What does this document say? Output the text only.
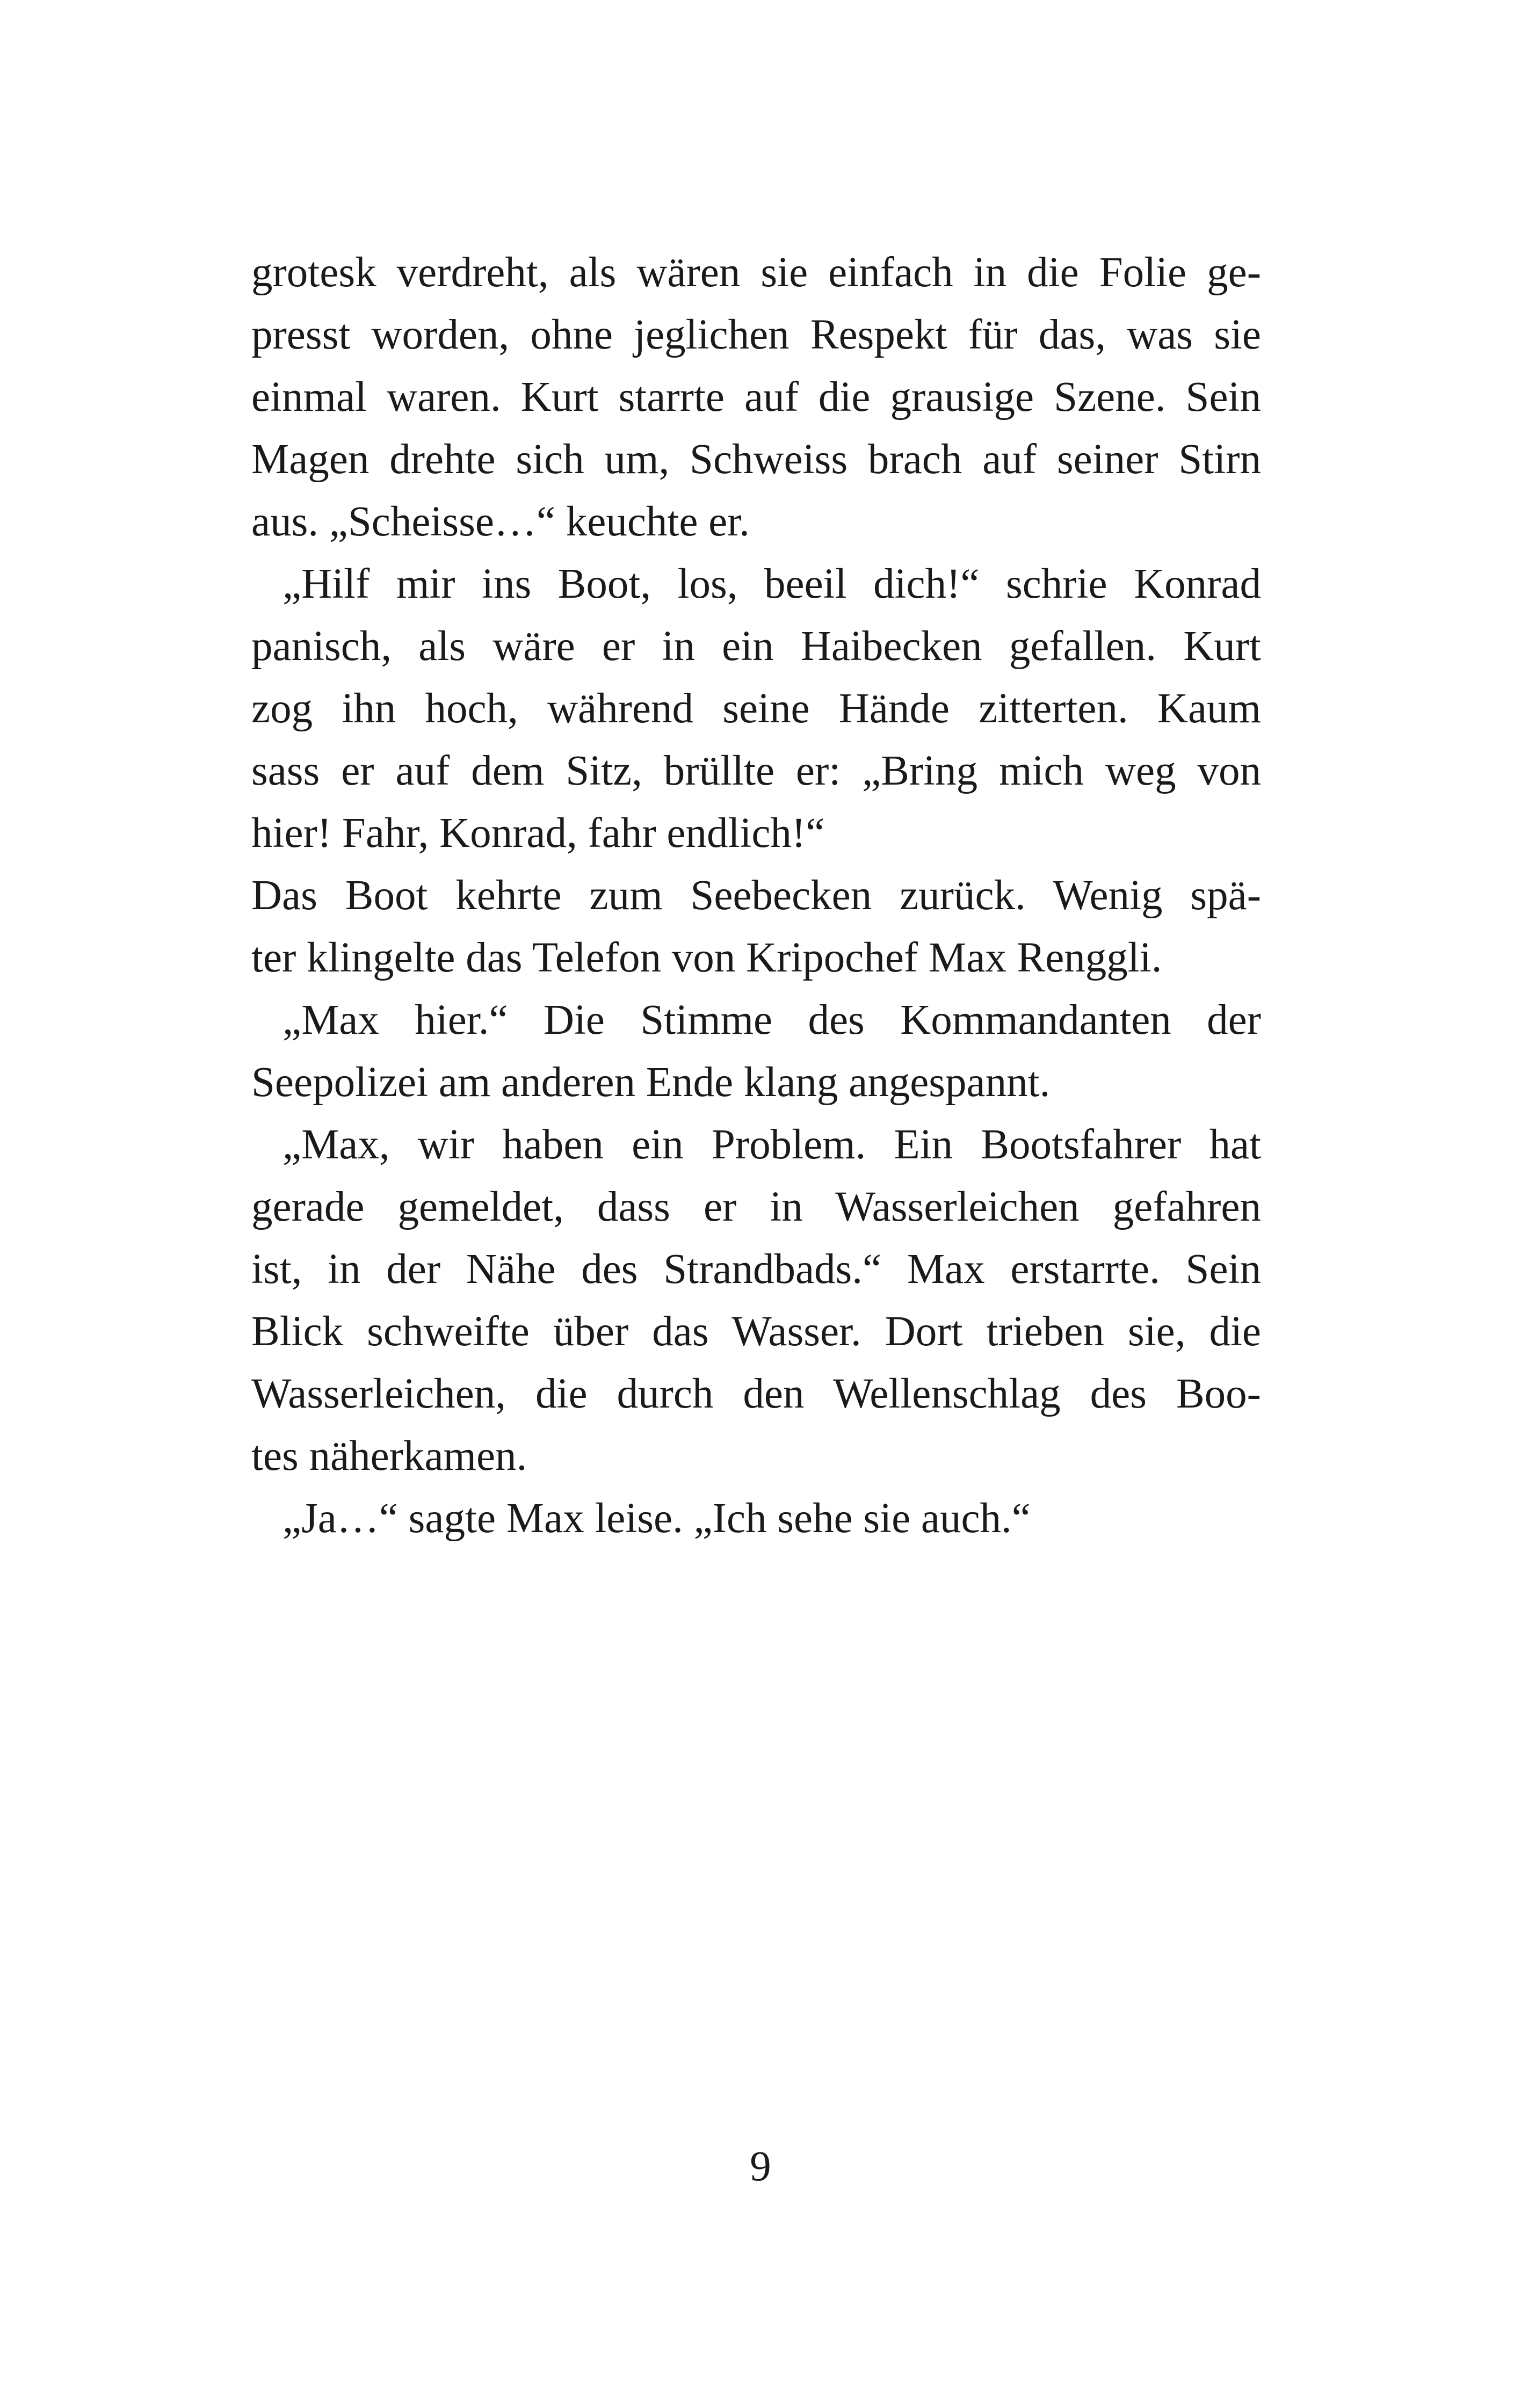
grotesk verdreht, als wären sie einfach in die Folie ge-
presst worden, ohne jeglichen Respekt für das, was sie
einmal waren. Kurt starrte auf die grausige Szene. Sein
Magen drehte sich um, Schweiss brach auf seiner Stirn
aus. „Scheisse…“ keuchte er.
„Hilf mir ins Boot, los, beeil dich!“ schrie Konrad
panisch, als wäre er in ein Haibecken gefallen. Kurt
zog ihn hoch, während seine Hände zitterten. Kaum
sass er auf dem Sitz, brüllte er: „Bring mich weg von
hier! Fahr, Konrad, fahr endlich!“
Das Boot kehrte zum Seebecken zurück. Wenig spä-
ter klingelte das Telefon von Kripochef Max Renggli.
„Max hier.“ Die Stimme des Kommandanten der
Seepolizei am anderen Ende klang angespannt.
„Max, wir haben ein Problem. Ein Bootsfahrer hat
gerade gemeldet, dass er in Wasserleichen gefahren
ist, in der Nähe des Strandbads.“ Max erstarrte. Sein
Blick schweifte über das Wasser. Dort trieben sie, die
Wasserleichen, die durch den Wellenschlag des Boo-
tes näherkamen.
„Ja…“ sagte Max leise. „Ich sehe sie auch.“
9
